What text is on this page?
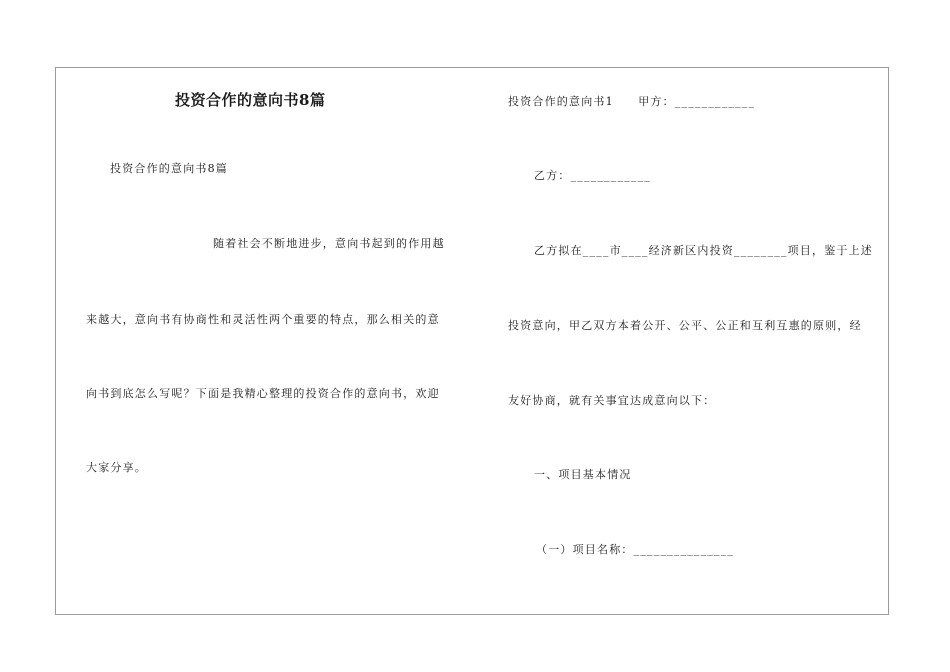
投资合作的意向书8篇
投资合作的意向书8篇
随着社会不断地进步，意向书起到的作用越
来越大，意向书有协商性和灵活性两个重要的特点，那么相关的意
向书到底怎么写呢？下面是我精心整理的投资合作的意向书，欢迎
大家分享。
投资合作的意向书1　　甲方：____________
乙方：____________
乙方拟在____市____经济新区内投资________项目，鉴于上述
投资意向，甲乙双方本着公开、公平、公正和互利互惠的原则，经
友好协商，就有关事宜达成意向以下：
一、项目基本情况
（一）项目名称：_______________
